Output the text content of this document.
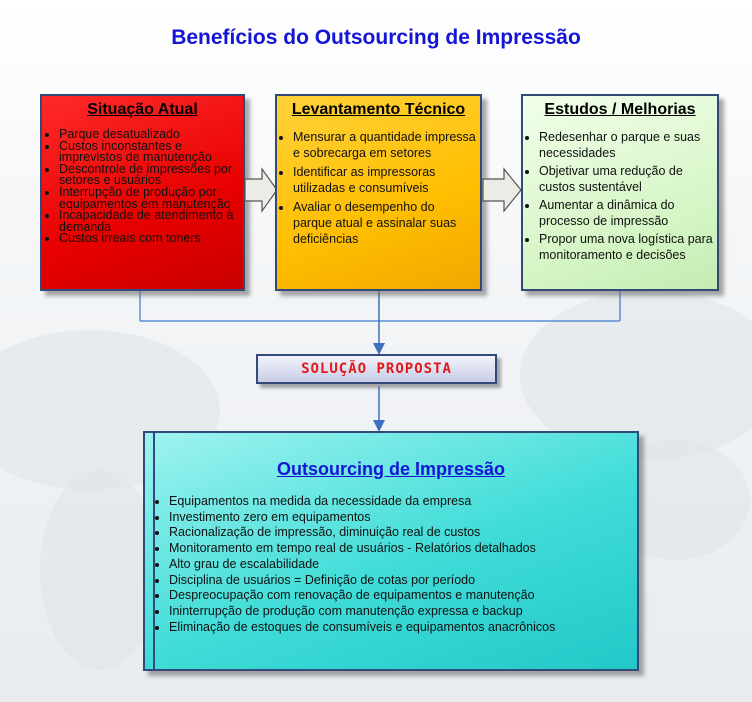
Benefícios do Outsourcing de Impressão
Situação Atual
• Parque desatualizado
• Custos inconstantes e imprevistos de manutenção
• Descontrole de impressões por setores e usuários
• Interrupção de produção por equipamentos em manutenção
• Incapacidade de atendimento à demanda
• Custos irreais com toners
Levantamento Técnico
• Mensurar a quantidade impressa e sobrecarga em setores
• Identificar as impressoras utilizadas e consumíveis
• Avaliar o desempenho do parque atual e assinalar suas deficiências
Estudos / Melhorias
• Redesenhar o parque e suas necessidades
• Objetivar uma redução de custos sustentável
• Aumentar a dinâmica do processo de impressão
• Propor uma nova logística para monitoramento e decisões
SOLUÇÃO PROPOSTA
Outsourcing de Impressão
• Equipamentos na medida da necessidade da empresa
• Investimento zero em equipamentos
• Racionalização de impressão, diminuição real de custos
• Monitoramento em tempo real de usuários - Relatórios detalhados
• Alto grau de escalabilidade
• Disciplina de usuários = Definição de cotas por período
• Despreocupação com renovação de equipamentos e manutenção
• Ininterrupção de produção com manutenção expressa e backup
• Eliminação de estoques de consumíveis e equipamentos anacrônicos
